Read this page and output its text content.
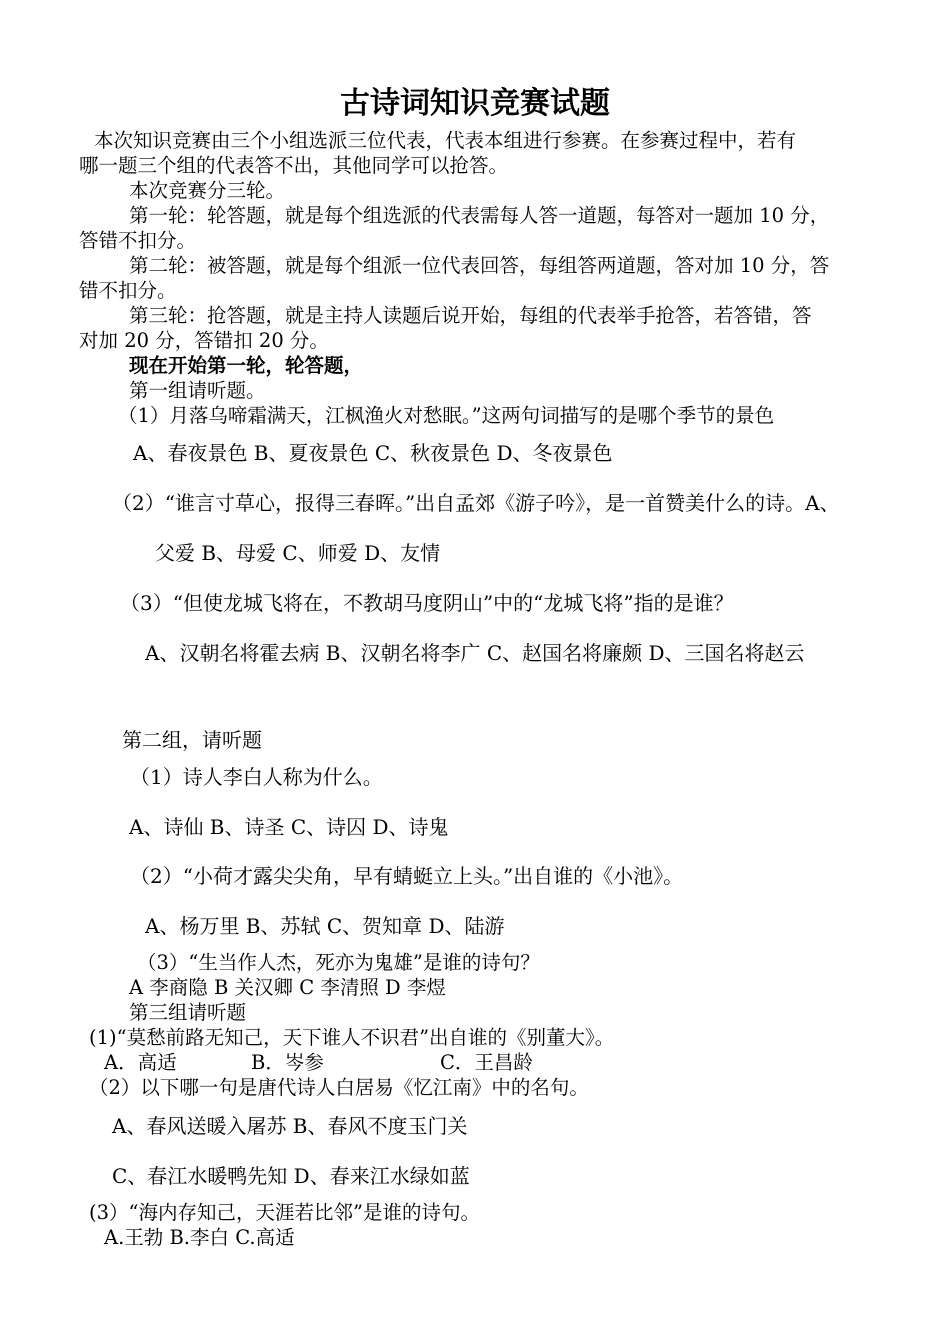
古诗词知识竞赛试题
本次知识竞赛由三个小组选派三位代表，代表本组进行参赛。在参赛过程中，若有
哪一题三个组的代表答不出，其他同学可以抢答。
本次竞赛分三轮。
第一轮：轮答题，就是每个组选派的代表需每人答一道题，每答对一题加 10 分，
答错不扣分。
第二轮：被答题，就是每个组派一位代表回答，每组答两道题，答对加 10 分，答
错不扣分。
第三轮：抢答题，就是主持人读题后说开始，每组的代表举手抢答，若答错，答
对加 20 分，答错扣 20 分。
现在开始第一轮，轮答题，
第一组请听题。
（1）月落乌啼霜满天，江枫渔火对愁眠。”这两句词描写的是哪个季节的景色
A、春夜景色 B、夏夜景色 C、秋夜景色 D、冬夜景色
（2）“谁言寸草心，报得三春晖。”出自孟郊《游子吟》，是一首赞美什么的诗。A、
父爱 B、母爱 C、师爱 D、友情
（3）“但使龙城飞将在，不教胡马度阴山”中的“龙城飞将”指的是谁？
A、汉朝名将霍去病 B、汉朝名将李广 C、赵国名将廉颇 D、三国名将赵云
第二组，请听题
（1）诗人李白人称为什么。
A、诗仙 B、诗圣 C、诗囚 D、诗鬼
（2）“小荷才露尖尖角，早有蜻蜓立上头。”出自谁的《小池》。
A、杨万里 B、苏轼 C、贺知章 D、陆游
（3）“生当作人杰，死亦为鬼雄”是谁的诗句？
A 李商隐 B 关汉卿 C 李清照 D 李煜
第三组请听题
(1)“莫愁前路无知己，天下谁人不识君”出自谁的《别董大》。
A．高适	B．岑参	C．王昌龄
（2）以下哪一句是唐代诗人白居易《忆江南》中的名句。
A、春风送暖入屠苏 B、春风不度玉门关
C、春江水暖鸭先知 D、春来江水绿如蓝
(3）“海内存知己，天涯若比邻”是谁的诗句。
A.王勃 B.李白 C.高适
